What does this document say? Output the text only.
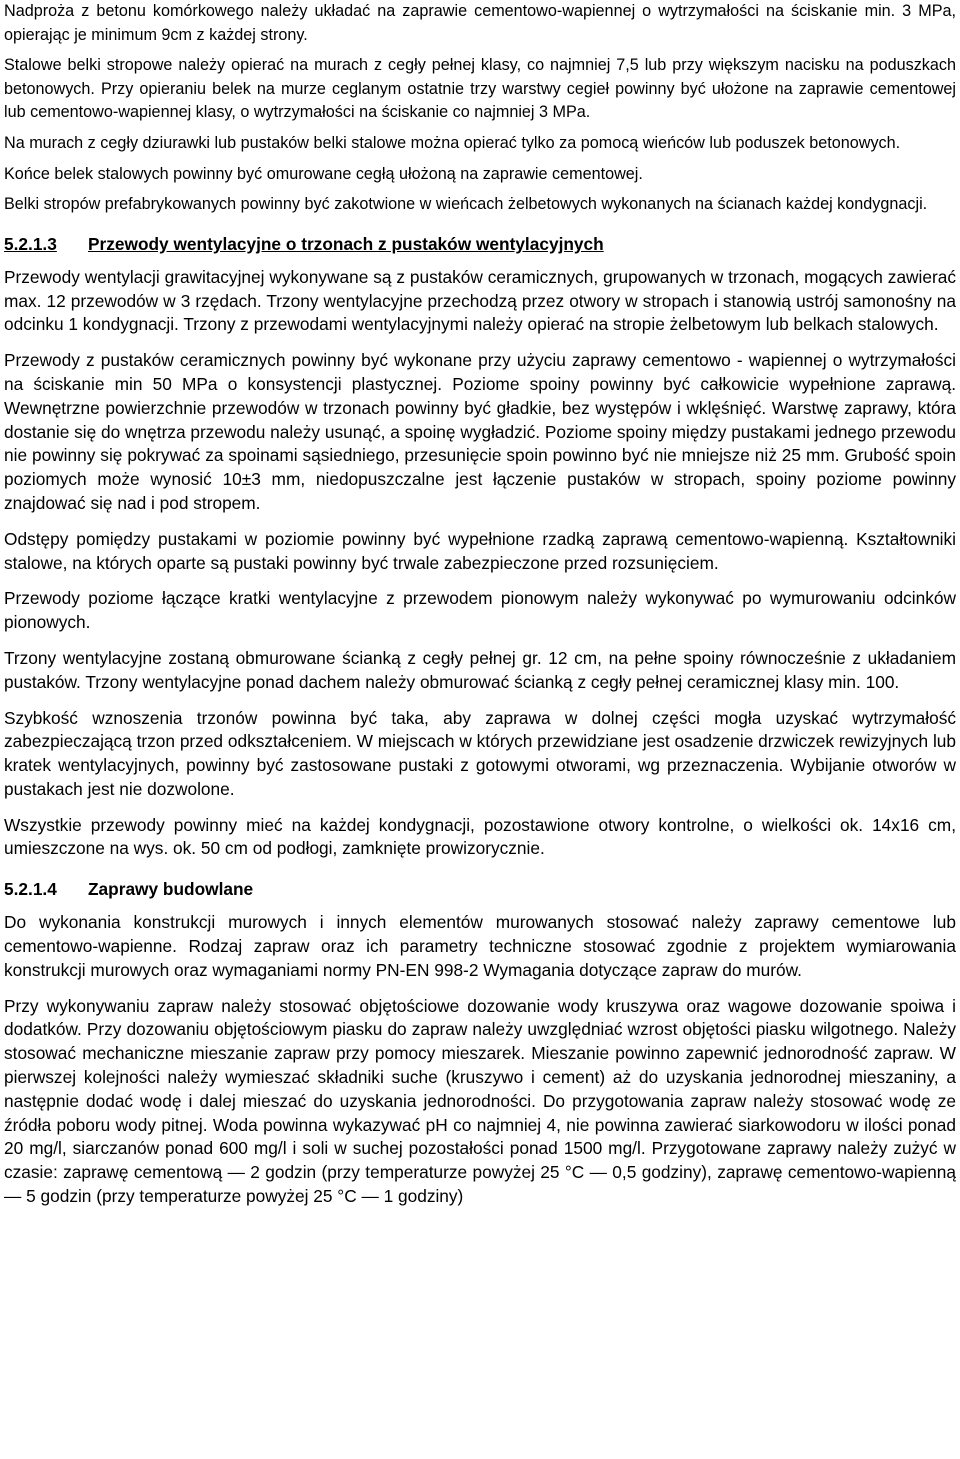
Nadproża z betonu komórkowego należy układać na zaprawie cementowo-wapiennej o wytrzymałości na ściskanie min. 3 MPa, opierając je minimum 9cm z każdej strony.

Stalowe belki stropowe należy opierać na murach z cegły pełnej klasy, co najmniej 7,5 lub przy większym nacisku na poduszkach betonowych. Przy opieraniu belek na murze ceglanym ostatnie trzy warstwy cegieł powinny być ułożone na zaprawie cementowej lub cementowo-wapiennej klasy, o wytrzymałości na ściskanie co najmniej 3 MPa.

Na murach z cegły dziurawki lub pustaków belki stalowe można opierać tylko za pomocą wieńców lub poduszek betonowych.

Końce belek stalowych powinny być omurowane cegłą ułożoną na zaprawie cementowej.

Belki stropów prefabrykowanych powinny być zakotwione w wieńcach żelbetowych wykonanych na ścianach każdej kondygnacji.

5.2.1.3 Przewody wentylacyjne o trzonach z pustaków wentylacyjnych

Przewody wentylacji grawitacyjnej wykonywane są z pustaków ceramicznych, grupowanych w trzonach, mogących zawierać max. 12 przewodów w 3 rzędach. Trzony wentylacyjne przechodzą przez otwory w stropach i stanowią ustrój samonośny na odcinku 1 kondygnacji. Trzony z przewodami wentylacyjnymi należy opierać na stropie żelbetowym lub belkach stalowych.

Przewody z pustaków ceramicznych powinny być wykonane przy użyciu zaprawy cementowo - wapiennej o wytrzymałości na ściskanie min 50 MPa o konsystencji plastycznej. Poziome spoiny powinny być całkowicie wypełnione zaprawą. Wewnętrzne powierzchnie przewodów w trzonach powinny być gładkie, bez występów i wklęśnięć. Warstwę zaprawy, która dostanie się do wnętrza przewodu należy usunąć, a spoinę wygładzić. Poziome spoiny między pustakami jednego przewodu nie powinny się pokrywać za spoinami sąsiedniego, przesunięcie spoin powinno być nie mniejsze niż 25 mm. Grubość spoin poziomych może wynosić 10±3 mm, niedopuszczalne jest łączenie pustaków w stropach, spoiny poziome powinny znajdować się nad i pod stropem.

Odstępy pomiędzy pustakami w poziomie powinny być wypełnione rzadką zaprawą cementowo-wapienną. Kształtowniki stalowe, na których oparte są pustaki powinny być trwale zabezpieczone przed rozsunięciem.

Przewody poziome łączące kratki wentylacyjne z przewodem pionowym należy wykonywać po wymurowaniu odcinków pionowych.

Trzony wentylacyjne zostaną obmurowane ścianką z cegły pełnej gr. 12 cm, na pełne spoiny równocześnie z układaniem pustaków. Trzony wentylacyjne ponad dachem należy obmurować ścianką z cegły pełnej ceramicznej klasy min. 100.

Szybkość wznoszenia trzonów powinna być taka, aby zaprawa w dolnej części mogła uzyskać wytrzymałość zabezpieczającą trzon przed odkształceniem. W miejscach w których przewidziane jest osadzenie drzwiczek rewizyjnych lub kratek wentylacyjnych, powinny być zastosowane pustaki z gotowymi otworami, wg przeznaczenia. Wybijanie otworów w pustakach jest nie dozwolone.

Wszystkie przewody powinny mieć na każdej kondygnacji, pozostawione otwory kontrolne, o wielkości ok. 14x16 cm, umieszczone na wys. ok. 50 cm od podłogi, zamknięte prowizorycznie.

5.2.1.4 Zaprawy budowlane

Do wykonania konstrukcji murowych i innych elementów murowanych stosować należy zaprawy cementowe lub cementowo-wapienne. Rodzaj zapraw oraz ich parametry techniczne stosować zgodnie z projektem wymiarowania konstrukcji murowych oraz wymaganiami normy PN-EN 998-2 Wymagania dotyczące zapraw do murów.

Przy wykonywaniu zapraw należy stosować objętościowe dozowanie wody kruszywa oraz wagowe dozowanie spoiwa i dodatków. Przy dozowaniu objętościowym piasku do zapraw należy uwzględniać wzrost objętości piasku wilgotnego. Należy stosować mechaniczne mieszanie zapraw przy pomocy mieszarek. Mieszanie powinno zapewnić jednorodność zapraw. W pierwszej kolejności należy wymieszać składniki suche (kruszywo i cement) aż do uzyskania jednorodnej mieszaniny, a następnie dodać wodę i dalej mieszać do uzyskania jednorodności. Do przygotowania zapraw należy stosować wodę ze źródła poboru wody pitnej. Woda powinna wykazywać pH co najmniej 4, nie powinna zawierać siarkowodoru w ilości ponad 20 mg/l, siarczanów ponad 600 mg/l i soli w suchej pozostałości ponad 1500 mg/l. Przygotowane zaprawy należy zużyć w czasie: zaprawę cementową — 2 godzin (przy temperaturze powyżej 25 °C — 0,5 godziny), zaprawę cementowo-wapienną — 5 godzin (przy temperaturze powyżej 25 °C — 1 godziny)
